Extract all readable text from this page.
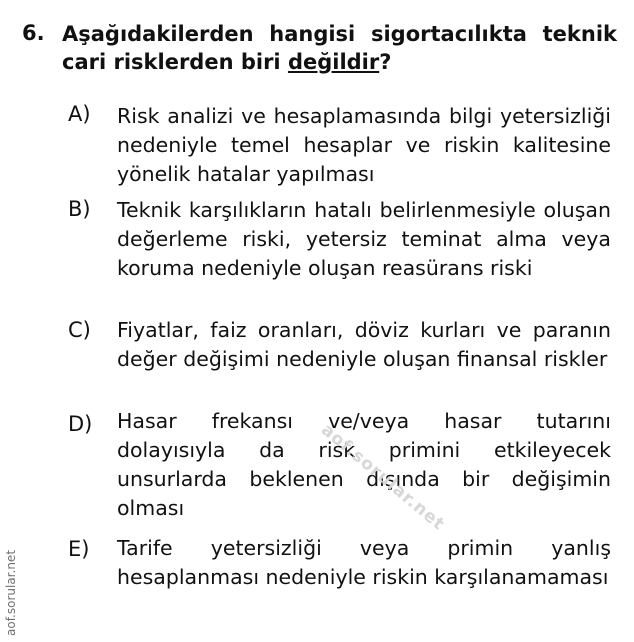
6. Aşağıdakilerden hangisi sigortacılıkta teknik cari risklerden biri değildir?
A) Risk analizi ve hesaplamasında bilgi yetersizliği nedeniyle temel hesaplar ve riskin kalitesine yönelik hatalar yapılması
B) Teknik karşılıkların hatalı belirlenmesiyle oluşan değerleme riski, yetersiz teminat alma veya koruma nedeniyle oluşan reasürans riski
C) Fiyatlar, faiz oranları, döviz kurları ve paranın değer değişimi nedeniyle oluşan finansal riskler
D) Hasar frekansı ve/veya hasar tutarını dolayısıyla da risk primini etkileyecek unsurlarda beklenen dışında bir değişimin olması
E) Tarife yetersizliği veya primin yanlış hesaplanması nedeniyle riskin karşılanamaması
aof.sorular.net
aof.sorular.net
